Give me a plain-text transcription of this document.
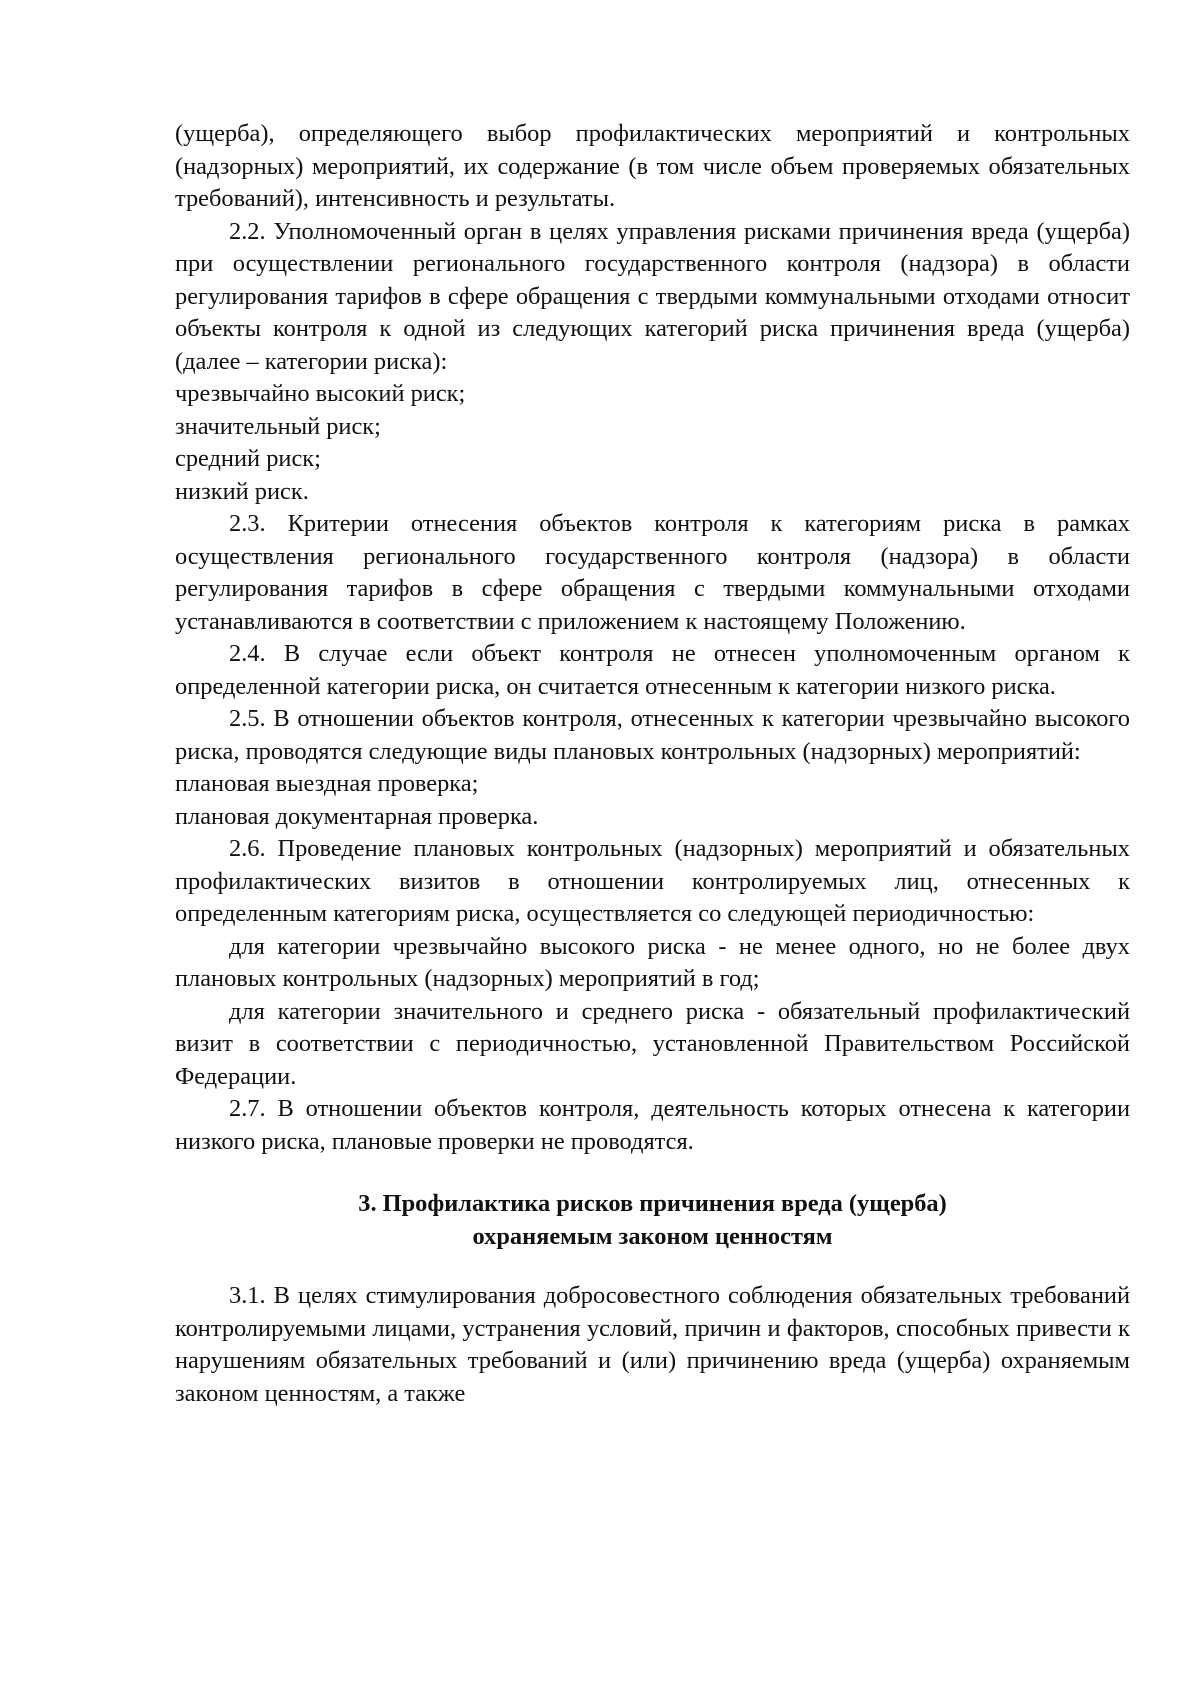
(ущерба), определяющего выбор профилактических мероприятий и контрольных (надзорных) мероприятий, их содержание (в том числе объем проверяемых обязательных требований), интенсивность и результаты.

2.2. Уполномоченный орган в целях управления рисками причинения вреда (ущерба) при осуществлении регионального государственного контроля (надзора) в области регулирования тарифов в сфере обращения с твердыми коммунальными отходами относит объекты контроля к одной из следующих категорий риска причинения вреда (ущерба) (далее – категории риска):

чрезвычайно высокий риск;

значительный риск;

средний риск;

низкий риск.

2.3. Критерии отнесения объектов контроля к категориям риска в рамках осуществления регионального государственного контроля (надзора) в области регулирования тарифов в сфере обращения с твердыми коммунальными отходами устанавливаются в соответствии с приложением к настоящему Положению.

2.4. В случае если объект контроля не отнесен уполномоченным органом к определенной категории риска, он считается отнесенным к категории низкого риска.

2.5. В отношении объектов контроля, отнесенных к категории чрезвычайно высокого риска, проводятся следующие виды плановых контрольных (надзорных) мероприятий:

плановая выездная проверка;

плановая документарная проверка.

2.6. Проведение плановых контрольных (надзорных) мероприятий и обязательных профилактических визитов в отношении контролируемых лиц, отнесенных к определенным категориям риска, осуществляется со следующей периодичностью:

для категории чрезвычайно высокого риска - не менее одного, но не более двух плановых контрольных (надзорных) мероприятий в год;

для категории значительного и среднего риска - обязательный профилактический визит в соответствии с периодичностью, установленной Правительством Российской Федерации.

2.7. В отношении объектов контроля, деятельность которых отнесена к категории низкого риска, плановые проверки не проводятся.

3. Профилактика рисков причинения вреда (ущерба)
охраняемым законом ценностям

3.1. В целях стимулирования добросовестного соблюдения обязательных требований контролируемыми лицами, устранения условий, причин и факторов, способных привести к нарушениям обязательных требований и (или) причинению вреда (ущерба) охраняемым законом ценностям, а также
